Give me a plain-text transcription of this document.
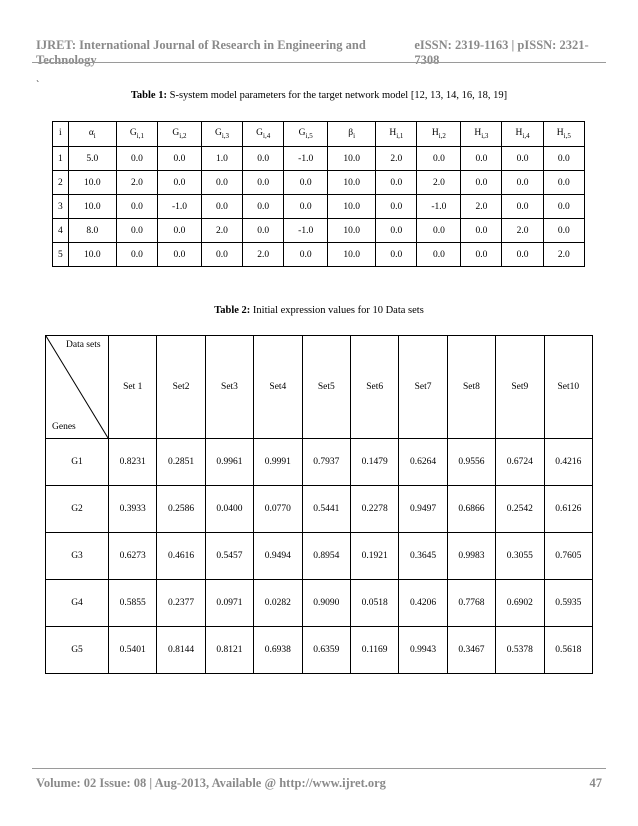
IJRET: International Journal of Research in Engineering and Technology
eISSN: 2319-1163 | pISSN: 2321-7308
`
Table 1: S-system model parameters for the target network model [12, 13, 14, 16, 18, 19]
i	$\alpha_i$	$G_{i,1}$	$G_{i,2}$	$G_{i,3}$	$G_{i,4}$	$G_{i,5}$	$\beta_i$	$H_{i,1}$	$H_{i,2}$	$H_{i,3}$	$H_{i,4}$	$H_{i,5}$
1	5.0	0.0	0.0	1.0	0.0	-1.0	10.0	2.0	0.0	0.0	0.0	0.0
2	10.0	2.0	0.0	0.0	0.0	0.0	10.0	0.0	2.0	0.0	0.0	0.0
3	10.0	0.0	-1.0	0.0	0.0	0.0	10.0	0.0	-1.0	2.0	0.0	0.0
4	8.0	0.0	0.0	2.0	0.0	-1.0	10.0	0.0	0.0	0.0	2.0	0.0
5	10.0	0.0	0.0	0.0	2.0	0.0	10.0	0.0	0.0	0.0	0.0	2.0
Table 2: Initial expression values for 10 Data sets
Data sets
Genes	Set 1	Set2	Set3	Set4	Set5	Set6	Set7	Set8	Set9	Set10
G1	0.8231	0.2851	0.9961	0.9991	0.7937	0.1479	0.6264	0.9556	0.6724	0.4216
G2	0.3933	0.2586	0.0400	0.0770	0.5441	0.2278	0.9497	0.6866	0.2542	0.6126
G3	0.6273	0.4616	0.5457	0.9494	0.8954	0.1921	0.3645	0.9983	0.3055	0.7605
G4	0.5855	0.2377	0.0971	0.0282	0.9090	0.0518	0.4206	0.7768	0.6902	0.5935
G5	0.5401	0.8144	0.8121	0.6938	0.6359	0.1169	0.9943	0.3467	0.5378	0.5618
Volume: 02 Issue: 08 | Aug-2013, Available @ http://www.ijret.org	47
